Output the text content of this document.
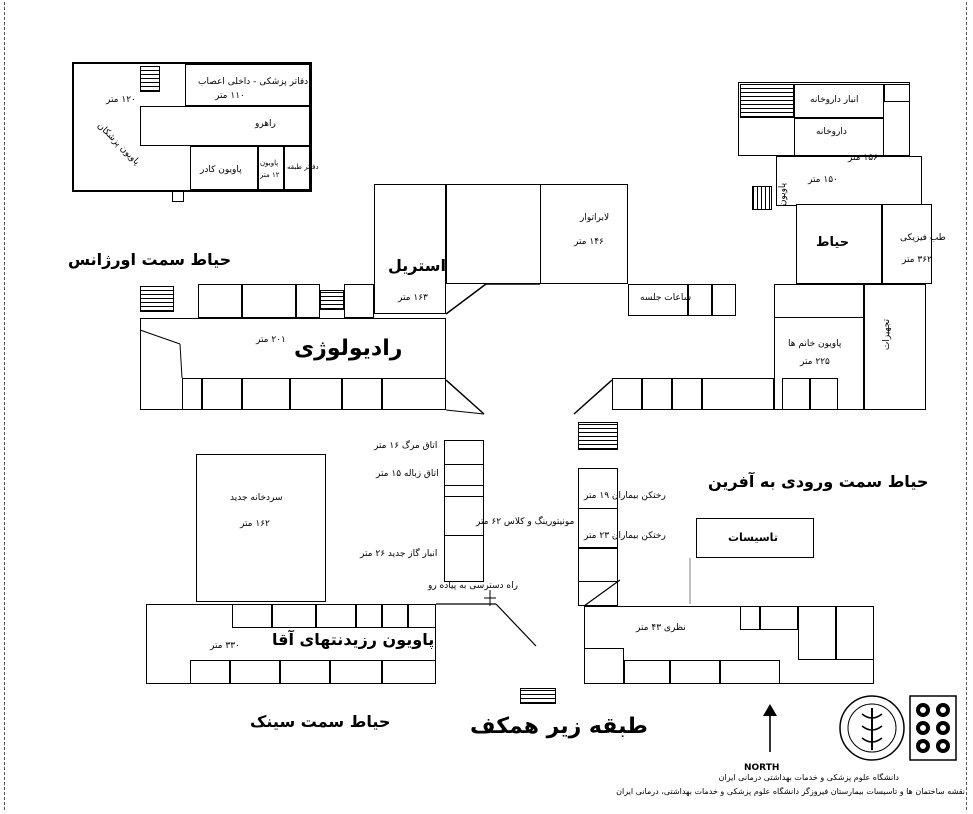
دفاتر پزشکی - داخلی اعصاب
۱۱۰ متر
۱۲۰ متر
پاویون پزشکان	راهرو
پاویون کادر
پاویون
۱۲ متر
دفاتر طبقه
انبار داروخانه
داروخانه
۱۵۶ متر
۱۵۰ متر
پاویون
حیاط	طب فیزیکی
۳۶۲ متر
استریل
۱۶۳ متر
لابراتوار
۱۴۶ متر
ساعات جلسه
رادیولوژی
۲۰۱ متر	پاویون خانم ها
۲۲۵ متر
تجهیزات
سردخانه جدید
۱۶۲ متر
اتاق مرگ ۱۶ متر
اتاق زباله ۱۵ متر
انبار گاز جدید ۲۶ متر
راه دسترسی به پیاده رو
مونیتورینگ و کلاس ۶۲ متر
رختکن بیماران ۱۹ متر
رختکن بیماران ۲۳ متر	تاسیسات
پاویون رزیدنتهای آقا
۳۳۰ متر
نظری ۴۳ متر
حیاط سمت اورژانس
حیاط سمت ورودی به آفرین
حیاط سمت سینک	طبقه زیر همکف
NORTH
دانشگاه علوم پزشکی و خدمات بهداشتی درمانی ایران
نقشه ساختمان ها و تاسیسات بیمارستان فیروزگر دانشگاه علوم پزشکی و خدمات بهداشتی، درمانی ایران
